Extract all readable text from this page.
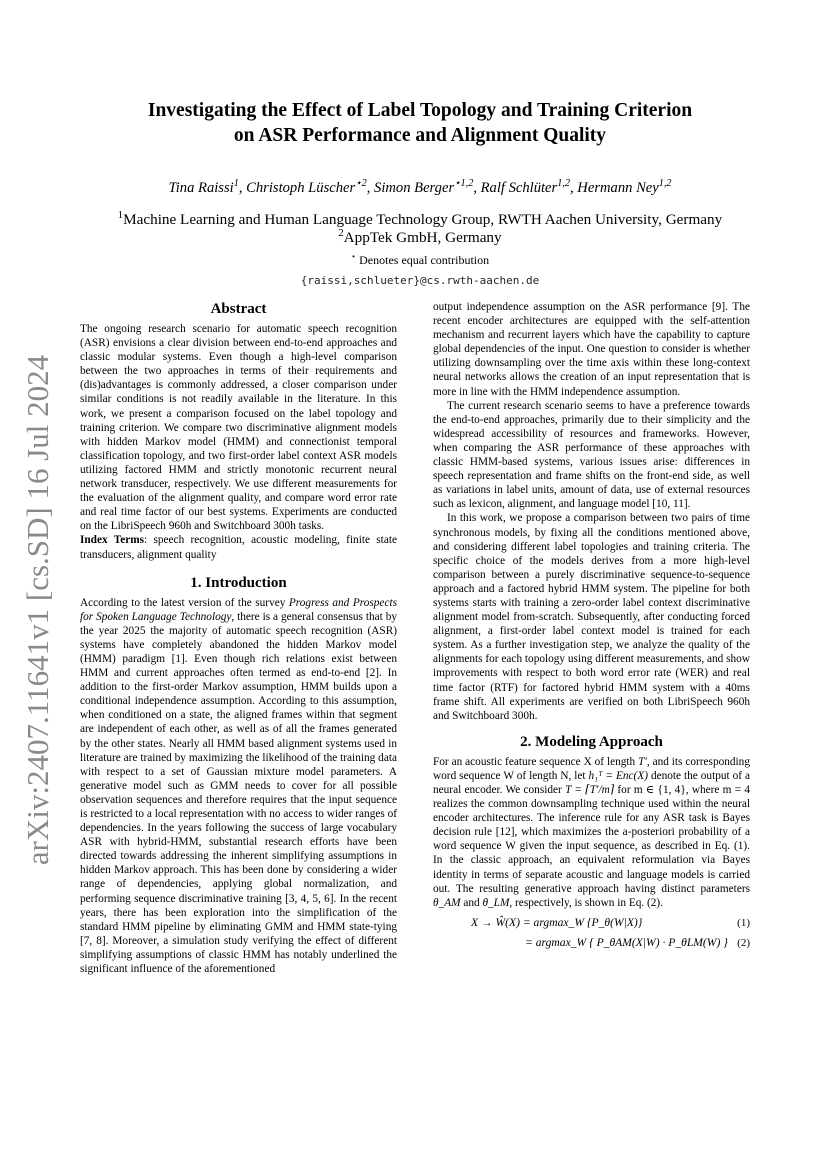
arXiv:2407.11641v1 [cs.SD] 16 Jul 2024
Investigating the Effect of Label Topology and Training Criterion
on ASR Performance and Alignment Quality
Tina Raissi$^1$, Christoph Lüscher$^{⋆2}$, Simon Berger$^{⋆1,2}$, Ralf Schlüter$^{1,2}$, Hermann Ney$^{1,2}$
$^1$Machine Learning and Human Language Technology Group, RWTH Aachen University, Germany
$^2$AppTek GmbH, Germany
⋆ Denotes equal contribution
{raissi,schlueter}@cs.rwth-aachen.de
Abstract

The ongoing research scenario for automatic speech recognition (ASR) envisions a clear division between end-to-end approaches and classic modular systems. Even though a high-level comparison between the two approaches in terms of their requirements and (dis)advantages is commonly addressed, a closer comparison under similar conditions is not readily available in the literature. In this work, we present a comparison focused on the label topology and training criterion. We compare two discriminative alignment models with hidden Markov model (HMM) and connectionist temporal classification topology, and two first-order label context ASR models utilizing factored HMM and strictly monotonic recurrent neural network transducer, respectively. We use different measurements for the evaluation of the alignment quality, and compare word error rate and real time factor of our best systems. Experiments are conducted on the LibriSpeech 960h and Switchboard 300h tasks.

Index Terms: speech recognition, acoustic modeling, finite state transducers, alignment quality

1. Introduction

According to the latest version of the survey Progress and Prospects for Spoken Language Technology, there is a general consensus that by the year 2025 the majority of automatic speech recognition (ASR) systems have completely abandoned the hidden Markov model (HMM) paradigm [1]. Even though rich relations exist between HMM and current approaches often termed as end-to-end [2]. In addition to the first-order Markov assumption, HMM builds upon a conditional independence assumption. According to this assumption, when conditioned on a state, the aligned frames within that segment are independent of each other, as well as of all the frames generated by the other states. Nearly all HMM based alignment systems used in literature are trained by maximizing the likelihood of the training data with respect to a set of Gaussian mixture model parameters. A generative model such as GMM needs to cover for all possible observation sequences and therefore requires that the input sequence is restricted to a local representation with no access to wider ranges of dependencies. In the years following the success of large vocabulary ASR with hybrid-HMM, substantial research efforts have been directed towards addressing the inherent simplifying assumptions in hidden Markov approach. This has been done by considering a wider range of dependencies, applying global normalization, and performing sequence discriminative training [3, 4, 5, 6]. In the recent years, there has been exploration into the simplification of the standard HMM pipeline by eliminating GMM and HMM state-tying [7, 8]. Moreover, a simulation study verifying the effect of different simplifying assumptions of classic HMM has notably underlined the significant influence of the aforementioned

output independence assumption on the ASR performance [9]. The recent encoder architectures are equipped with the self-attention mechanism and recurrent layers which have the capability to capture global dependencies of the input. One question to consider is whether utilizing downsampling over the time axis within these long-context neural networks allows the creation of an input representation that is more in line with the HMM independence assumption.

The current research scenario seems to have a preference towards the end-to-end approaches, primarily due to their simplicity and the widespread accessibility of resources and frameworks. However, when comparing the ASR performance of these approaches with classic HMM-based systems, various issues arise: differences in speech representation and frame shifts on the front-end side, as well as variations in label units, amount of data, use of external resources such as lexicon, alignment, and language model [10, 11].

In this work, we propose a comparison between two pairs of time synchronous models, by fixing all the conditions mentioned above, and considering different label topologies and training criteria. The specific choice of the models derives from a more high-level comparison between a purely discriminative sequence-to-sequence approach and a factored hybrid HMM system. The pipeline for both systems starts with training a zero-order label context discriminative alignment model from-scratch. Subsequently, after conducting forced alignment, a first-order label context model is trained for each system. As a further investigation step, we analyze the quality of the alignments for each topology using different measurements, and show improvements with respect to both word error rate (WER) and real time factor (RTF) for factored hybrid HMM system with a 40ms frame shift. All experiments are verified on both LibriSpeech 960h and Switchboard 300h.

2. Modeling Approach

For an acoustic feature sequence X of length T′, and its corresponding word sequence W of length N, let h₁ᵀ = Enc(X) denote the output of a neural encoder. We consider T = ⌈T′/m⌉ for m ∈ {1, 4}, where m = 4 realizes the common downsampling technique used within the neural encoder architectures. The inference rule for any ASR task is Bayes decision rule [12], which maximizes the a-posteriori probability of a word sequence W given the input sequence, as described in Eq. (1). In the classic approach, an equivalent reformulation via Bayes identity in terms of separate acoustic and language models is carried out. The resulting generative approach having distinct parameters θ_AM and θ_LM, respectively, is shown in Eq. (2).

X → Ŵ(X) = argmax_W {P_θ(W|X)}	(1)
= argmax_W { P_θAM(X|W) · P_θLM(W) } (2)
